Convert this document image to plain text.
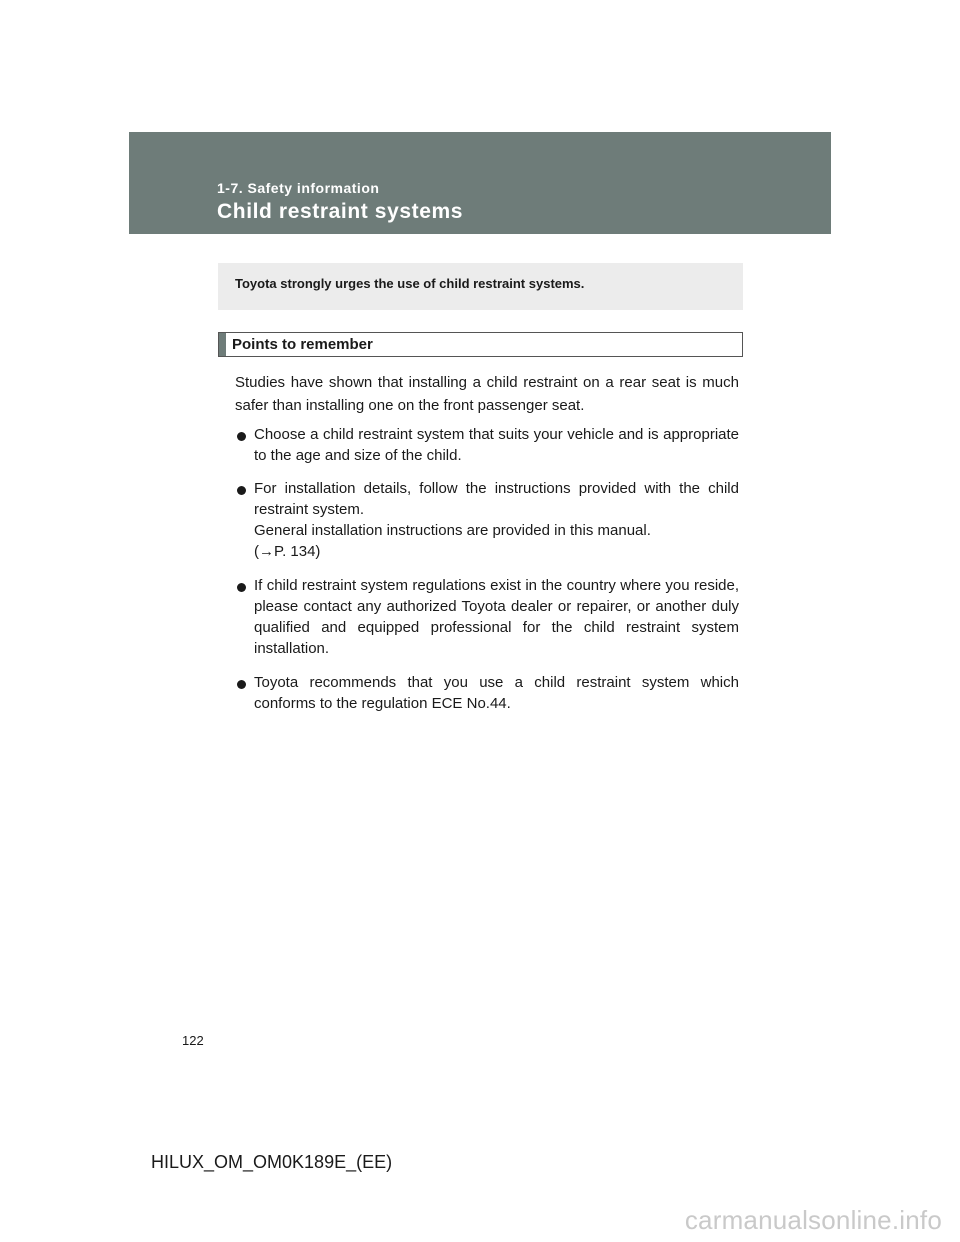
1-7. Safety information
Child restraint systems
Toyota strongly urges the use of child restraint systems.
Points to remember
Studies have shown that installing a child restraint on a rear seat is much safer than installing one on the front passenger seat.
Choose a child restraint system that suits your vehicle and is appropriate to the age and size of the child.
For installation details, follow the instructions provided with the child restraint system.
General installation instructions are provided in this manual.
(→P. 134)
If child restraint system regulations exist in the country where you reside, please contact any authorized Toyota dealer or repairer, or another duly qualified and equipped professional for the child restraint system installation.
Toyota recommends that you use a child restraint system which conforms to the regulation ECE No.44.
122
HILUX_OM_OM0K189E_(EE)
carmanualsonline.info
